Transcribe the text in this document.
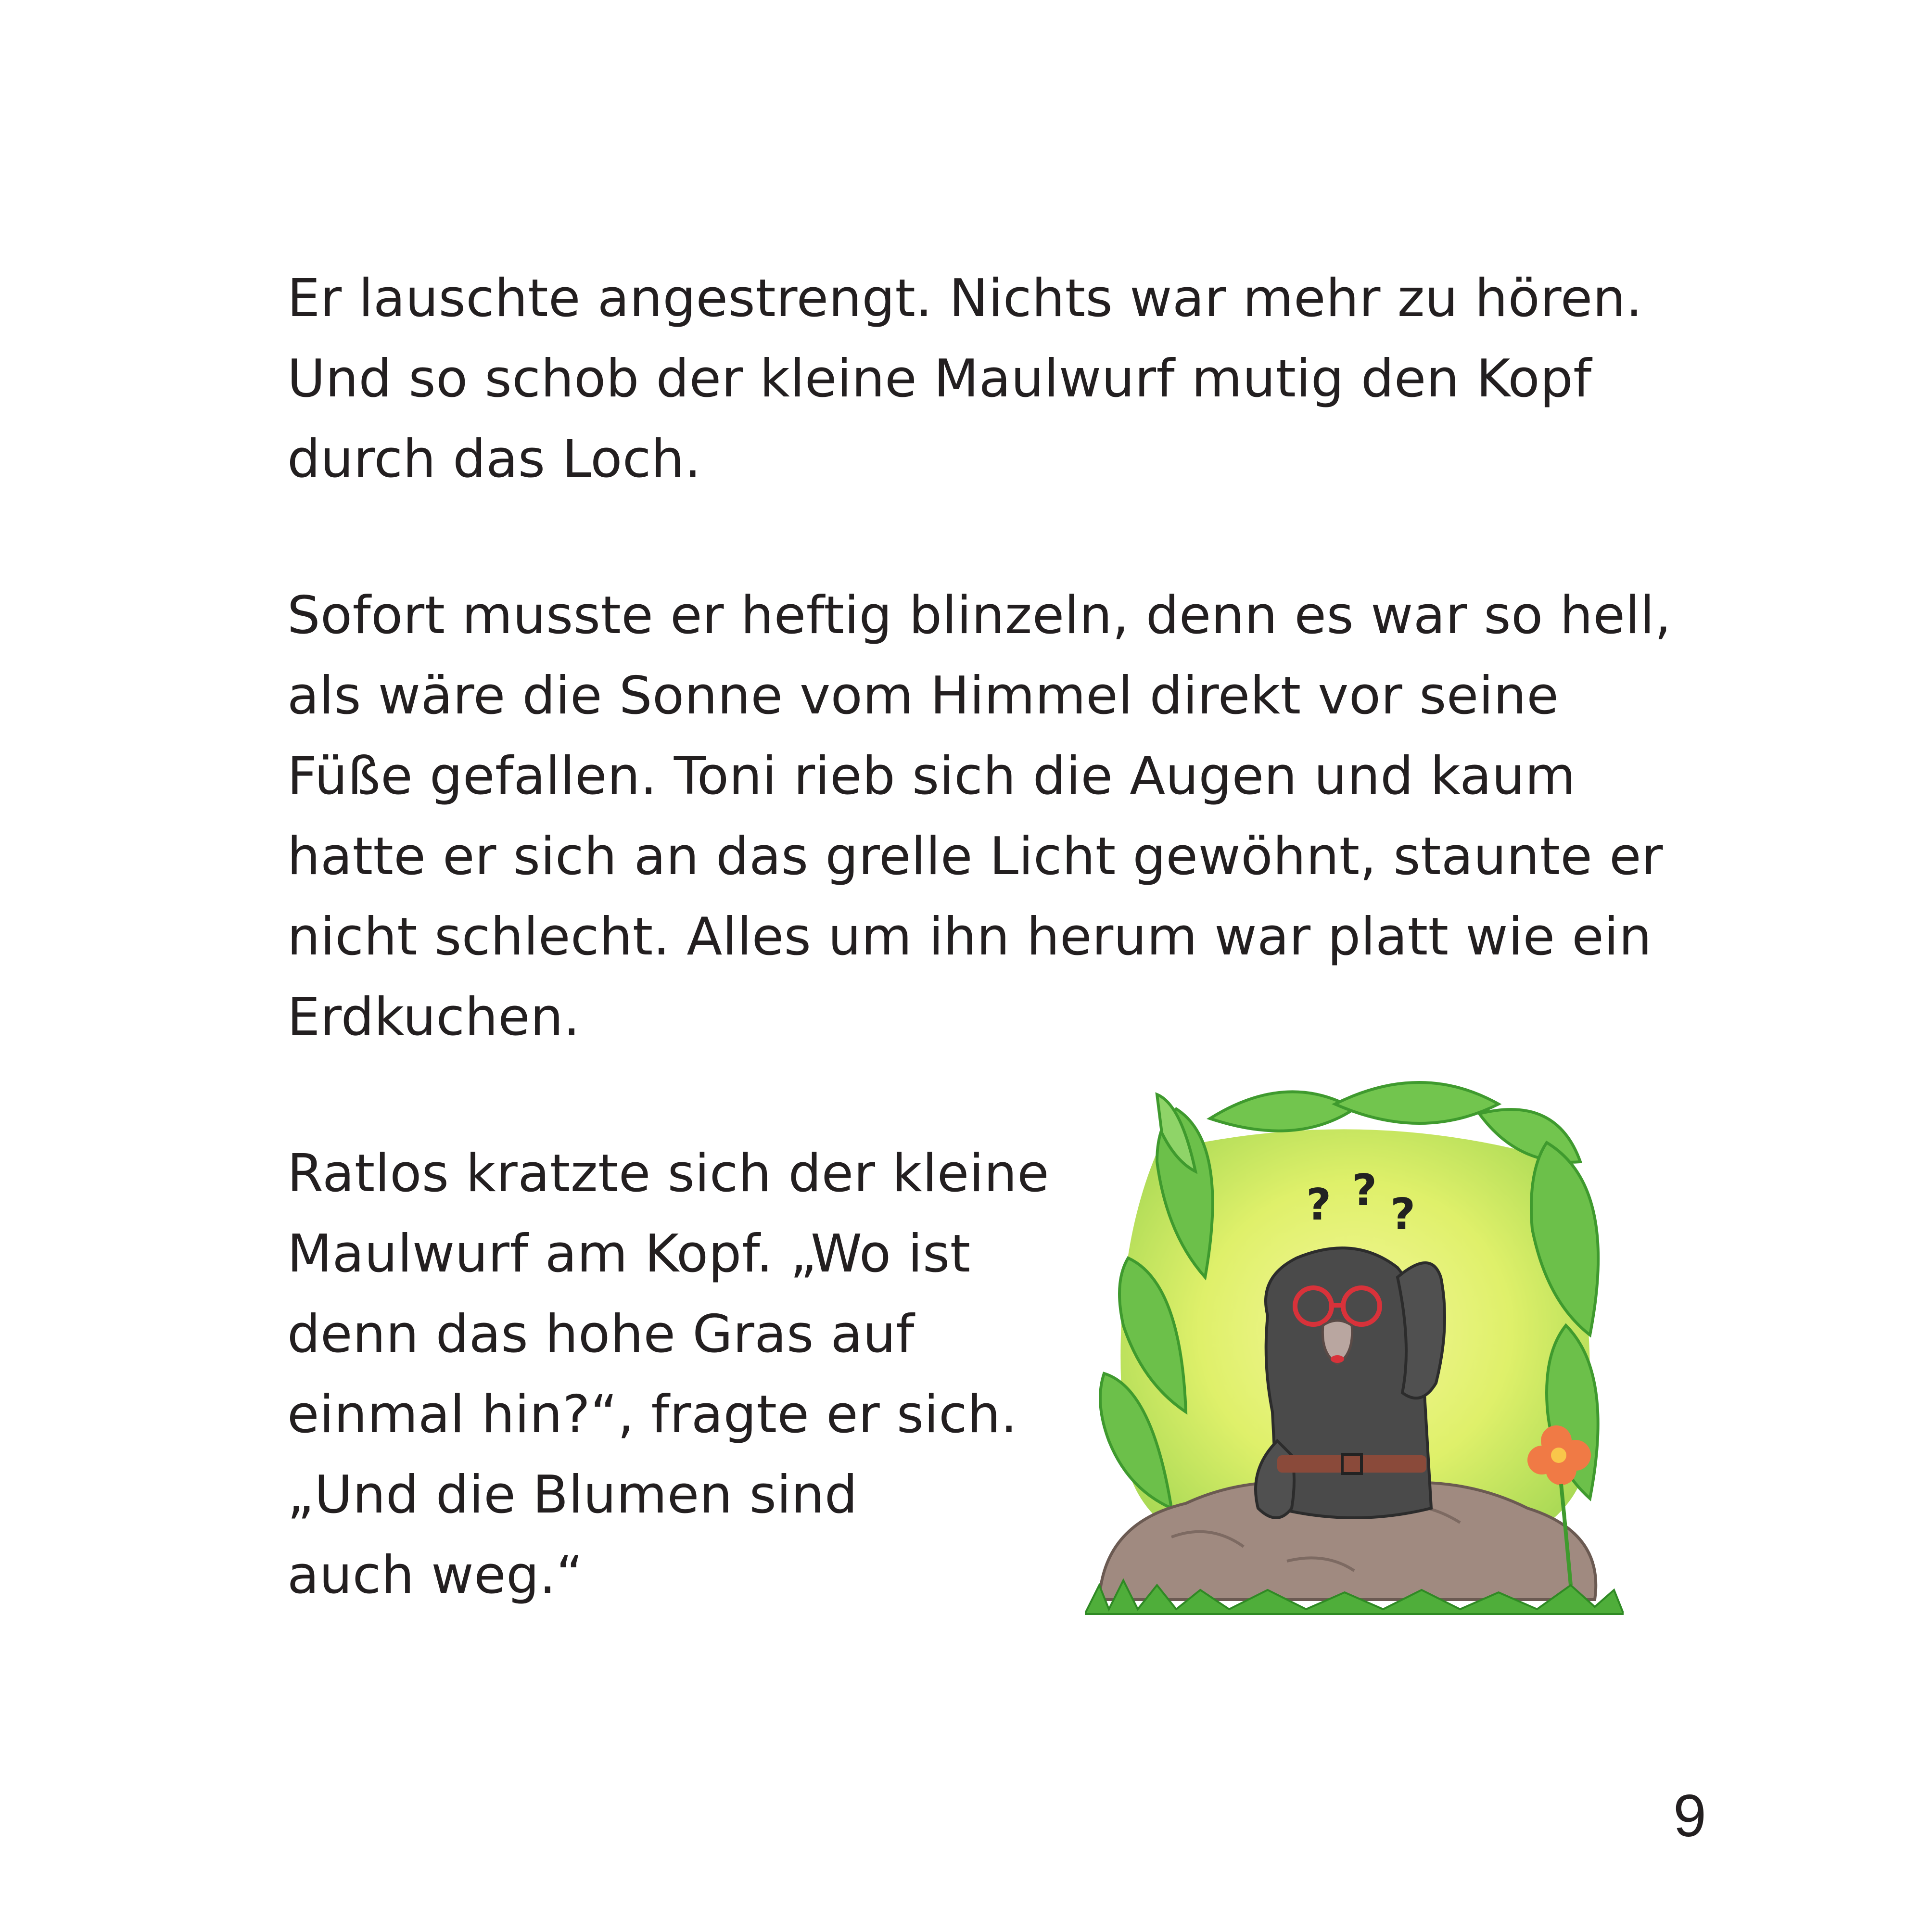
Er lauschte angestrengt. Nichts war mehr zu hören.
Und so schob der kleine Maulwurf mutig den Kopf
durch das Loch.

Sofort musste er heftig blinzeln, denn es war so hell,
als wäre die Sonne vom Himmel direkt vor seine
Füße gefallen. Toni rieb sich die Augen und kaum
hatte er sich an das grelle Licht gewöhnt, staunte er
nicht schlecht. Alles um ihn herum war platt wie ein
Erdkuchen.

Ratlos kratzte sich der kleine
Maulwurf am Kopf. „Wo ist
denn das hohe Gras auf
einmal hin?“, fragte er sich.
„Und die Blumen sind
auch weg.“

? ? ?
9
